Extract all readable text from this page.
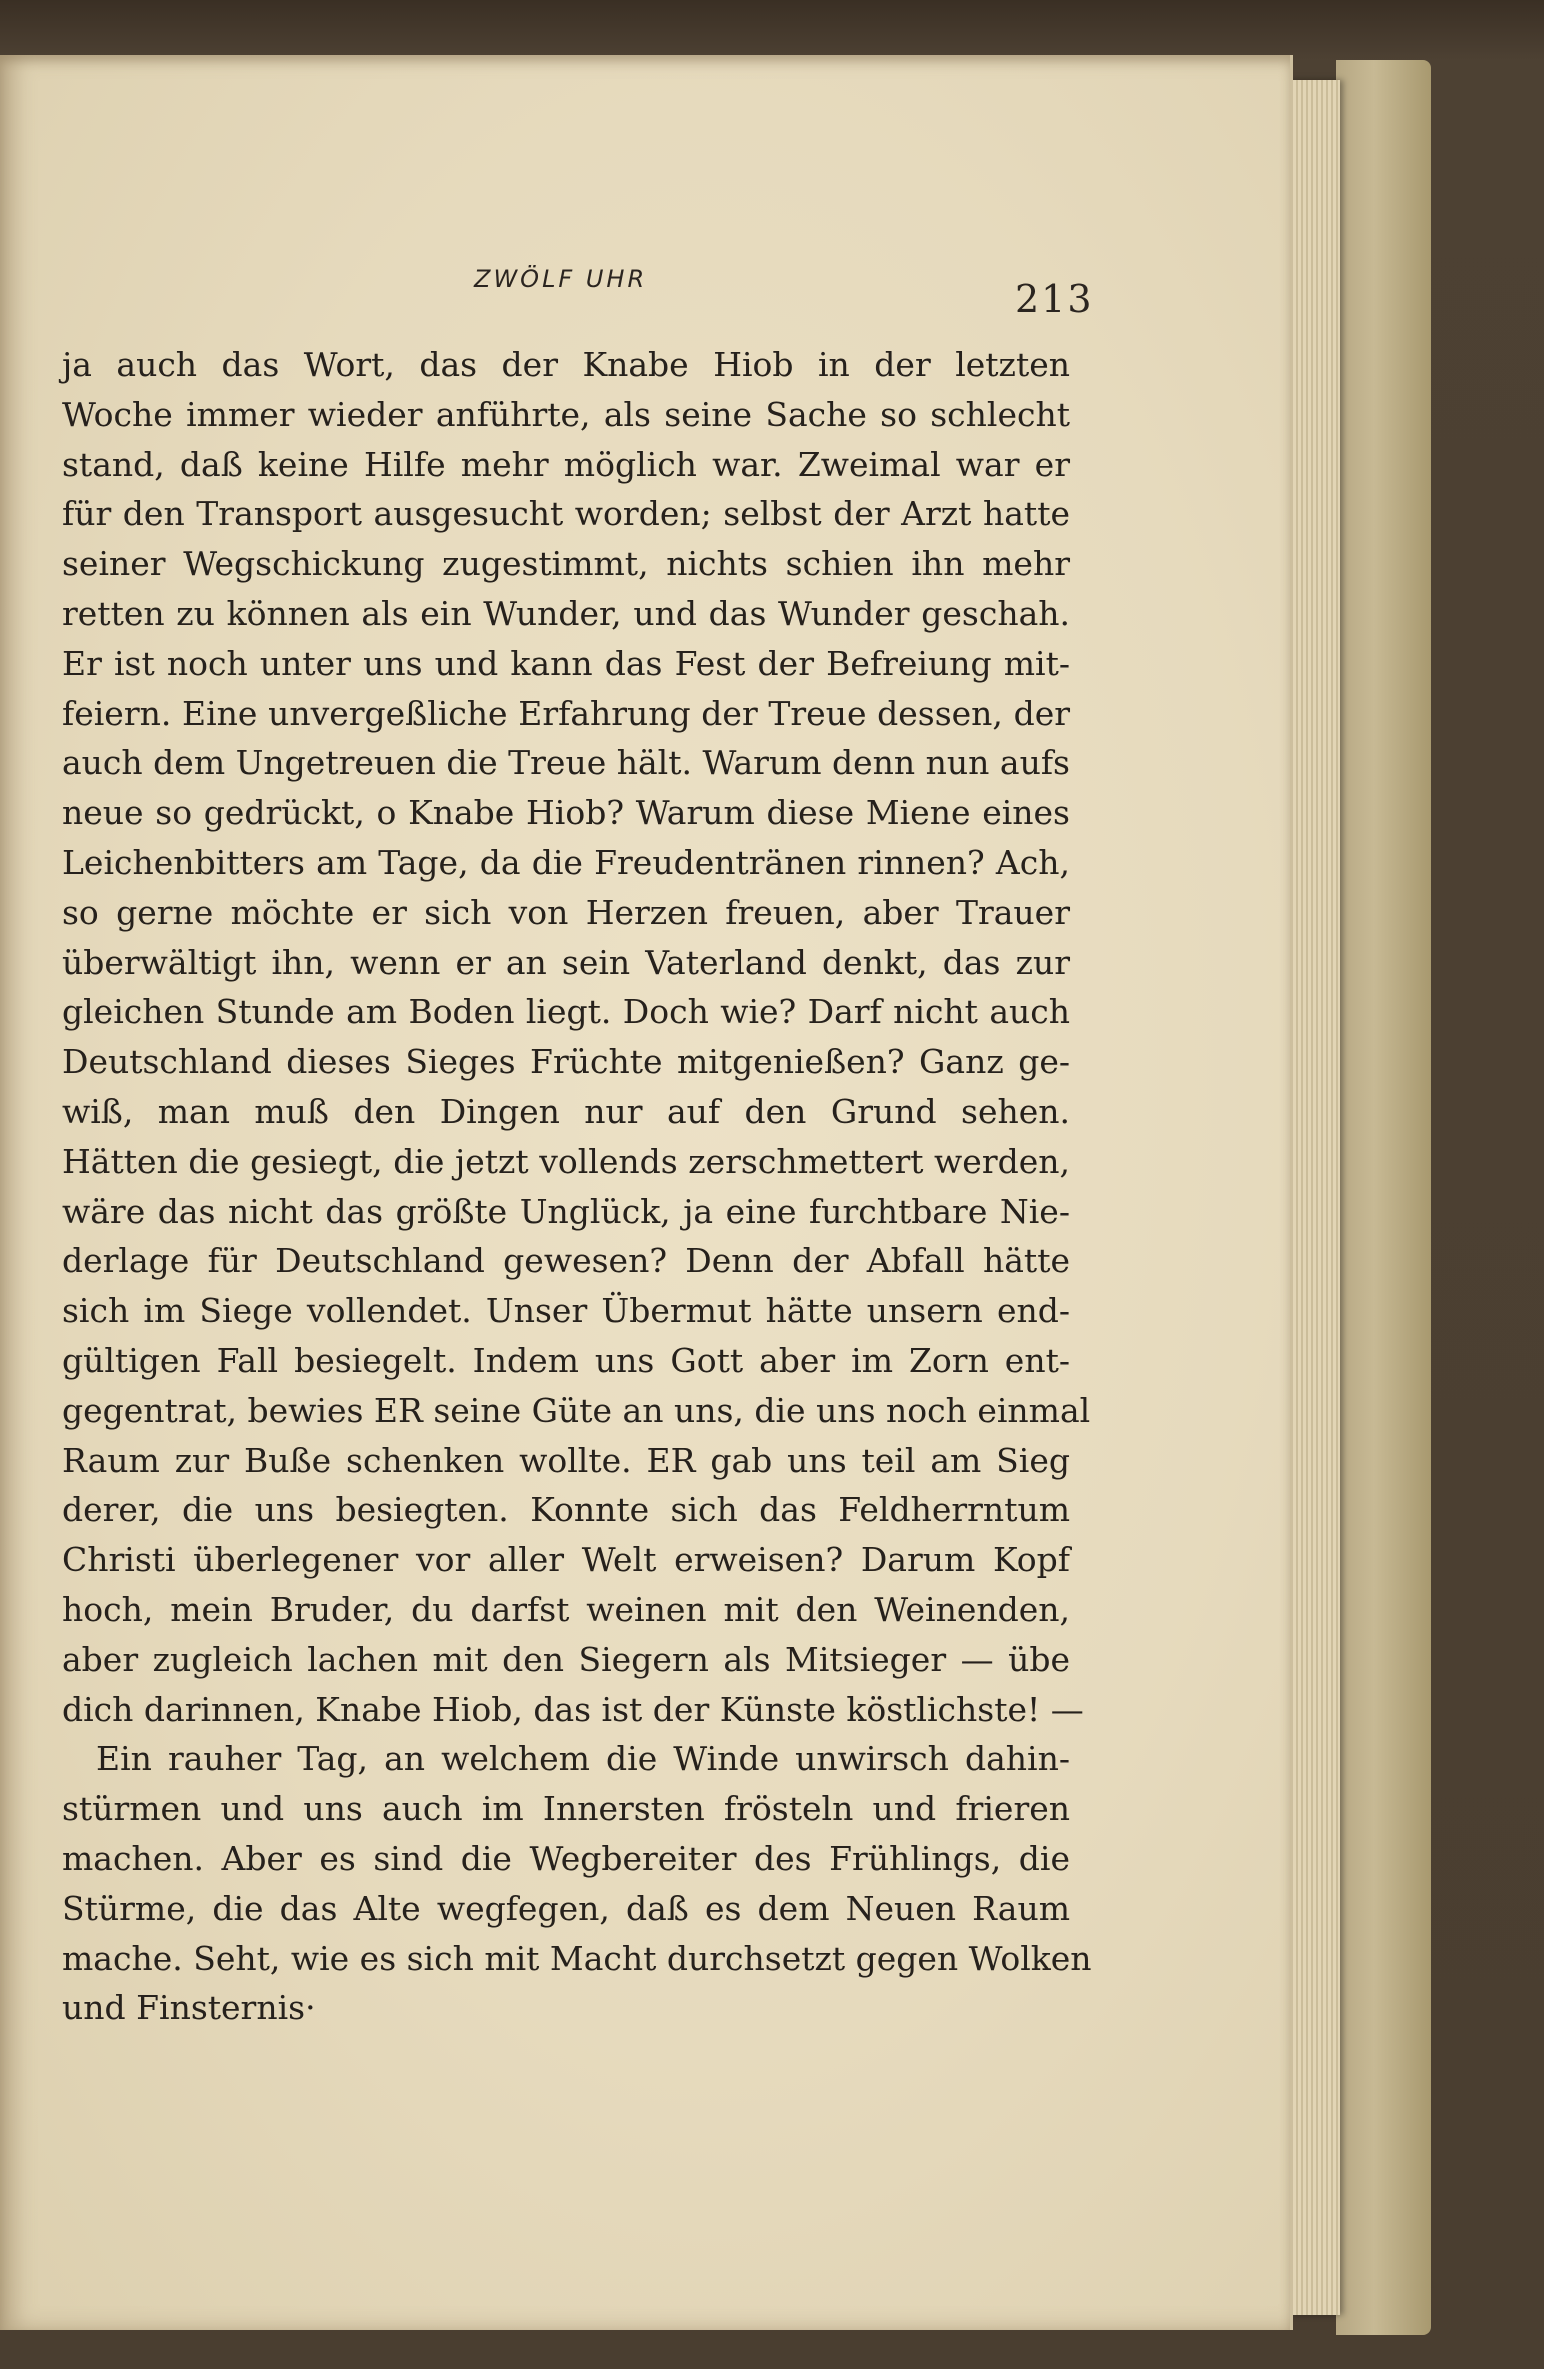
ZWÖLF UHR	213
ja auch das Wort, das der Knabe Hiob in der letzten
Woche immer wieder anführte, als seine Sache so schlecht
stand, daß keine Hilfe mehr möglich war. Zweimal war er
für den Transport ausgesucht worden; selbst der Arzt hatte
seiner Wegschickung zugestimmt, nichts schien ihn mehr
retten zu können als ein Wunder, und das Wunder geschah.
Er ist noch unter uns und kann das Fest der Befreiung mit-
feiern. Eine unvergeßliche Erfahrung der Treue dessen, der
auch dem Ungetreuen die Treue hält. Warum denn nun aufs
neue so gedrückt, o Knabe Hiob? Warum diese Miene eines
Leichenbitters am Tage, da die Freudentränen rinnen? Ach,
so gerne möchte er sich von Herzen freuen, aber Trauer
überwältigt ihn, wenn er an sein Vaterland denkt, das zur
gleichen Stunde am Boden liegt. Doch wie? Darf nicht auch
Deutschland dieses Sieges Früchte mitgenießen? Ganz ge-
wiß, man muß den Dingen nur auf den Grund sehen.
Hätten die gesiegt, die jetzt vollends zerschmettert werden,
wäre das nicht das größte Unglück, ja eine furchtbare Nie-
derlage für Deutschland gewesen? Denn der Abfall hätte
sich im Siege vollendet. Unser Übermut hätte unsern end-
gültigen Fall besiegelt. Indem uns Gott aber im Zorn ent-
gegentrat, bewies ER seine Güte an uns, die uns noch einmal
Raum zur Buße schenken wollte. ER gab uns teil am Sieg
derer, die uns besiegten. Konnte sich das Feldherrntum
Christi überlegener vor aller Welt erweisen? Darum Kopf
hoch, mein Bruder, du darfst weinen mit den Weinenden,
aber zugleich lachen mit den Siegern als Mitsieger — übe
dich darinnen, Knabe Hiob, das ist der Künste köstlichste! —
Ein rauher Tag, an welchem die Winde unwirsch dahin-
stürmen und uns auch im Innersten frösteln und frieren
machen. Aber es sind die Wegbereiter des Frühlings, die
Stürme, die das Alte wegfegen, daß es dem Neuen Raum
mache. Seht, wie es sich mit Macht durchsetzt gegen Wolken
und Finsternis·
